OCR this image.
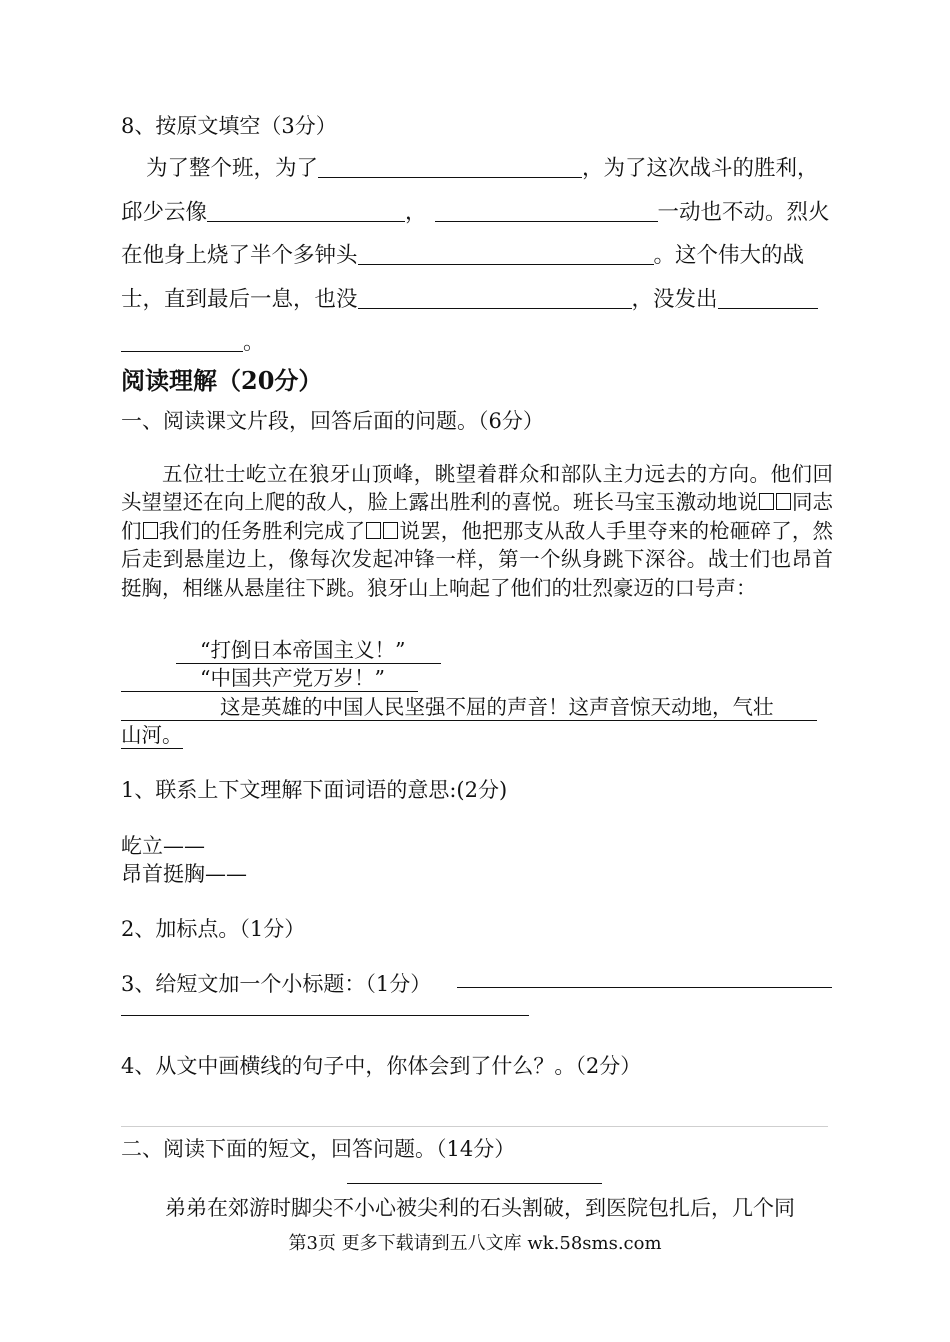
8、按原文填空（3分）
为了整个班，为了	，为了这次战斗的胜利，
邱少云像	，	一动也不动。烈火
在他身上烧了半个多钟头	。这个伟大的战
士，直到最后一息，也没	，没发出
。
阅读理解（20分）
一、阅读课文片段，回答后面的问题。（6分）
五位壮士屹立在狼牙山顶峰，眺望着群众和部队主力远去的方向。他们回头望望还在向上爬的敌人，脸上露出胜利的喜悦。班长马宝玉激动地说 同志们 我们的任务胜利完成了 说罢，他把那支从敌人手里夺来的枪砸碎了，然后走到悬崖边上，像每次发起冲锋一样，第一个纵身跳下深谷。战士们也昂首挺胸，相继从悬崖往下跳。狼牙山上响起了他们的壮烈豪迈的口号声：
“打倒日本帝国主义！”
“中国共产党万岁！”
这是英雄的中国人民坚强不屈的声音！这声音惊天动地，气壮
山河。
1、联系上下文理解下面词语的意思:(2分)
屹立——
昂首挺胸——
2、加标点。（1分）
3、给短文加一个小标题：（1分）
4、从文中画横线的句子中，你体会到了什么？。（2分）
二、阅读下面的短文，回答问题。（14分）
弟弟在郊游时脚尖不小心被尖利的石头割破，到医院包扎后，几个同
第3页 更多下载请到五八文库 wk.58sms.com
